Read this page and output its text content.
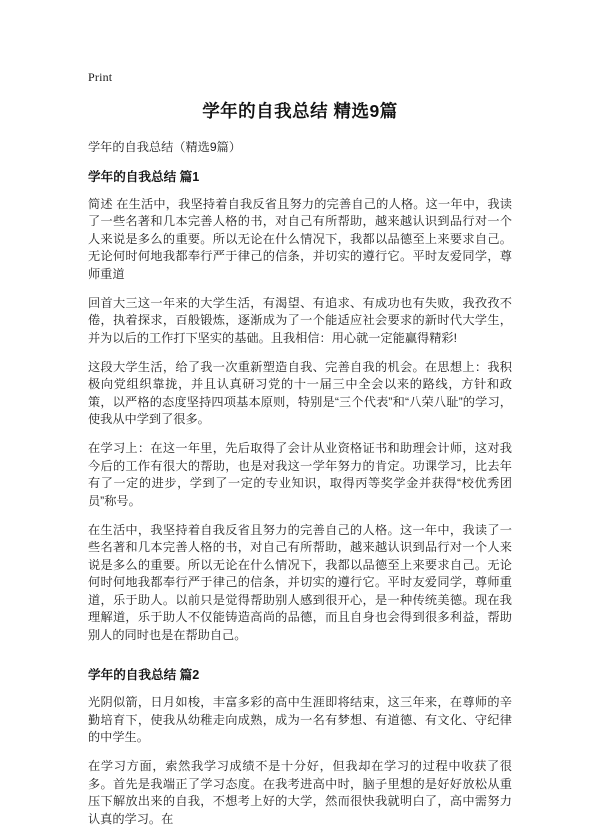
Print
学年的自我总结 精选9篇
学年的自我总结（精选9篇）
学年的自我总结 篇1

简述 在生活中，我坚持着自我反省且努力的完善自己的人格。这一年中，我读了一些名著和几本完善人格的书，对自己有所帮助，越来越认识到品行对一个人来说是多么的重要。所以无论在什么情况下，我都以品德至上来要求自己。无论何时何地我都奉行严于律己的信条，并切实的遵行它。平时友爱同学，尊师重道

回首大三这一年来的大学生活，有渴望、有追求、有成功也有失败，我孜孜不倦，执着探求，百般锻炼，逐渐成为了一个能适应社会要求的新时代大学生，并为以后的工作打下坚实的基础。且我相信：用心就一定能赢得精彩!

这段大学生活，给了我一次重新塑造自我、完善自我的机会。在思想上：我积极向党组织靠拢，并且认真研习党的十一届三中全会以来的路线，方针和政策，以严格的态度坚持四项基本原则，特别是“三个代表”和“八荣八耻”的学习，使我从中学到了很多。

在学习上：在这一年里，先后取得了会计从业资格证书和助理会计师，这对我今后的工作有很大的帮助，也是对我这一学年努力的肯定。功课学习，比去年有了一定的进步，学到了一定的专业知识，取得丙等奖学金并获得“校优秀团员”称号。

在生活中，我坚持着自我反省且努力的完善自己的人格。这一年中，我读了一些名著和几本完善人格的书，对自己有所帮助，越来越认识到品行对一个人来说是多么的重要。所以无论在什么情况下，我都以品德至上来要求自己。无论何时何地我都奉行严于律己的信条，并切实的遵行它。平时友爱同学，尊师重道，乐于助人。以前只是觉得帮助别人感到很开心，是一种传统美德。现在我理解道，乐于助人不仅能铸造高尚的品德，而且自身也会得到很多利益，帮助别人的同时也是在帮助自己。

学年的自我总结 篇2

光阴似箭，日月如梭，丰富多彩的高中生涯即将结束，这三年来，在尊师的辛勤培育下，使我从幼稚走向成熟，成为一名有梦想、有道德、有文化、守纪律的中学生。

在学习方面，索然我学习成绩不是十分好，但我却在学习的过程中收获了很多。首先是我端正了学习态度。在我考进高中时，脑子里想的是好好放松从重压下解放出来的自我，不想考上好的大学，然而很快我就明白了，高中需努力认真的学习。在
